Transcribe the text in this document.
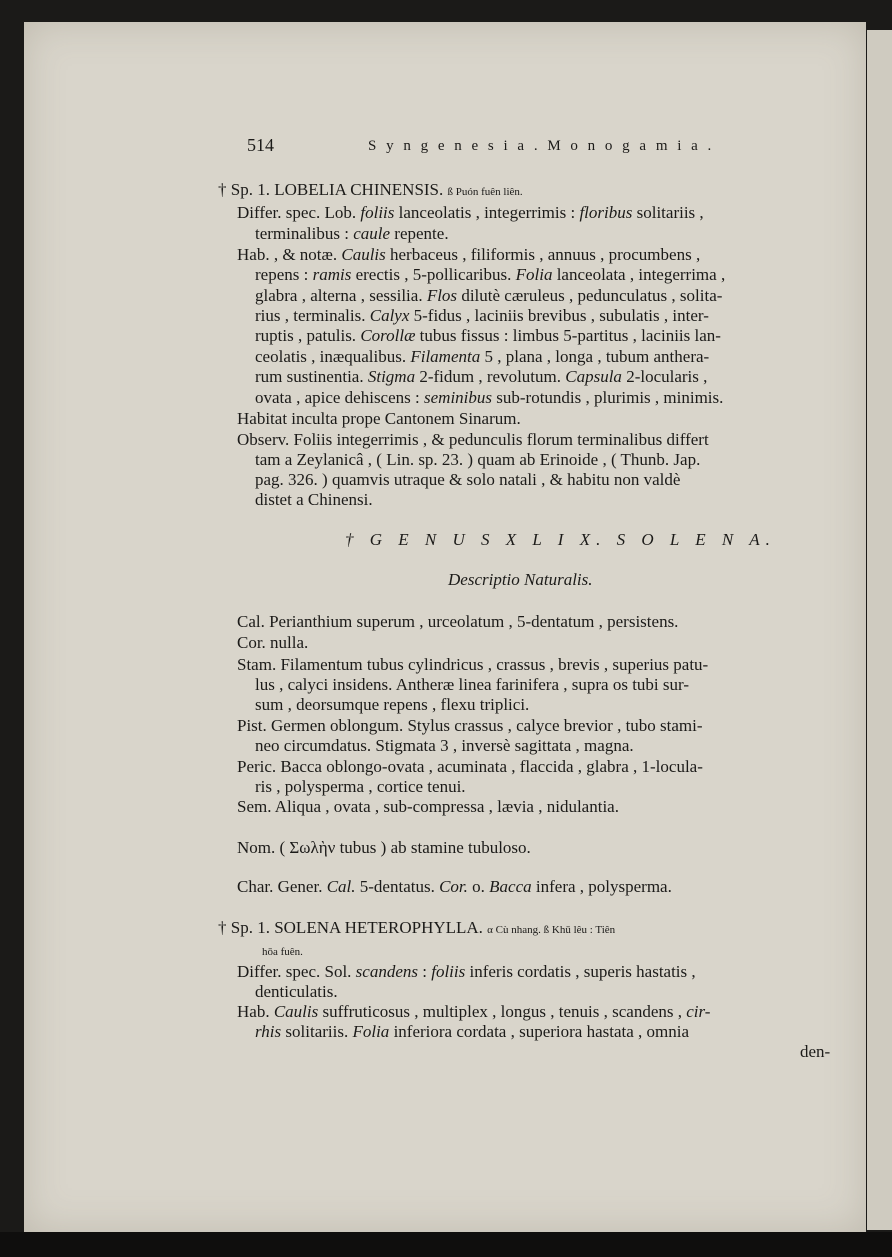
514	S y n g e n e s i a . M o n o g a m i a .
† Sp. 1. LOBELIA CHINENSIS. ß Puón fuên liên.
Differ. spec. Lob. foliis lanceolatis , integerrimis : floribus solitariis ,
terminalibus : caule repente.
Hab. , & notæ. Caulis herbaceus , filiformis , annuus , procumbens ,
repens : ramis erectis , 5-pollicaribus. Folia lanceolata , integerrima ,
glabra , alterna , sessilia. Flos dilutè cæruleus , pedunculatus , solita-
rius , terminalis. Calyx 5-fidus , laciniis brevibus , subulatis , inter-
ruptis , patulis. Corollæ tubus fissus : limbus 5-partitus , laciniis lan-
ceolatis , inæqualibus. Filamenta 5 , plana , longa , tubum anthera-
rum sustinentia. Stigma 2-fidum , revolutum. Capsula 2-locularis ,
ovata , apice dehiscens : seminibus sub-rotundis , plurimis , minimis.
Habitat inculta prope Cantonem Sinarum.
Observ. Foliis integerrimis , & pedunculis florum terminalibus differt
tam a Zeylanicâ , ( Lin. sp. 23. ) quam ab Erinoide , ( Thunb. Jap.
pag. 326. ) quamvis utraque & solo natali , & habitu non valdè
distet a Chinensi.
Cal. Perianthium superum , urceolatum , 5-dentatum , persistens.
Cor. nulla.
Stam. Filamentum tubus cylindricus , crassus , brevis , superius patu-
lus , calyci insidens. Antheræ linea farinifera , supra os tubi sur-
sum , deorsumque repens , flexu triplici.
Pist. Germen oblongum. Stylus crassus , calyce brevior , tubo stami-
neo circumdatus. Stigmata 3 , inversè sagittata , magna.
Peric. Bacca oblongo-ovata , acuminata , flaccida , glabra , 1-locula-
ris , polysperma , cortice tenui.
Sem. Aliqua , ovata , sub-compressa , lævia , nidulantia.
Nom. ( Σωλὴν tubus ) ab stamine tubuloso.
Char. Gener. Cal. 5-dentatus. Cor. o. Bacca infera , polysperma.
† Sp. 1. SOLENA HETEROPHYLLA. α Cù nhang. ß Khū lêu : Tiên
hōa fuên.
Differ. spec. Sol. scandens : foliis inferis cordatis , superis hastatis ,
denticulatis.
Hab. Caulis suffruticosus , multiplex , longus , tenuis , scandens , cir-
rhis solitariis. Folia inferiora cordata , superiora hastata , omnia
den-
† G E N U S X L I X. S O L E N A.
Descriptio Naturalis.
